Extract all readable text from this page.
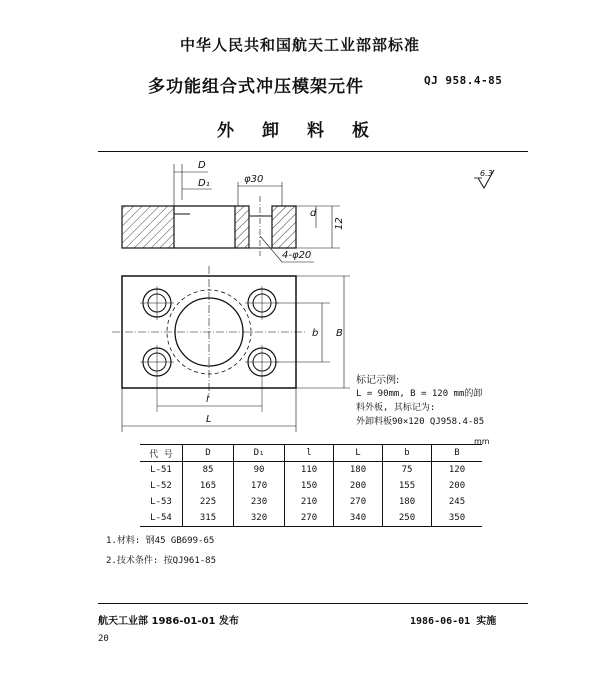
中华人民共和国航天工业部部标准
多功能组合式冲压模架元件	QJ 958.4-85
外卸料板
D
D₁	φ30
d
12
4-φ20
6.3
b B
l
L
标记示例:
L = 90mm, B = 120 mm的卸
料外板, 其标记为:
外卸料板90×120 QJ958.4-85
mm
代 号	D	D₁	l	L	b	B
L-51	85	90	110	180	75	120
L-52	165	170	150	200	155	200
L-53	225	230	210	270	180	245
L-54	315	320	270	340	250	350
1.材料: 钢45 GB699-65
2.技术条件: 按QJ961-85
航天工业部 1986-01-01 发布	1986-06-01 实施
20
